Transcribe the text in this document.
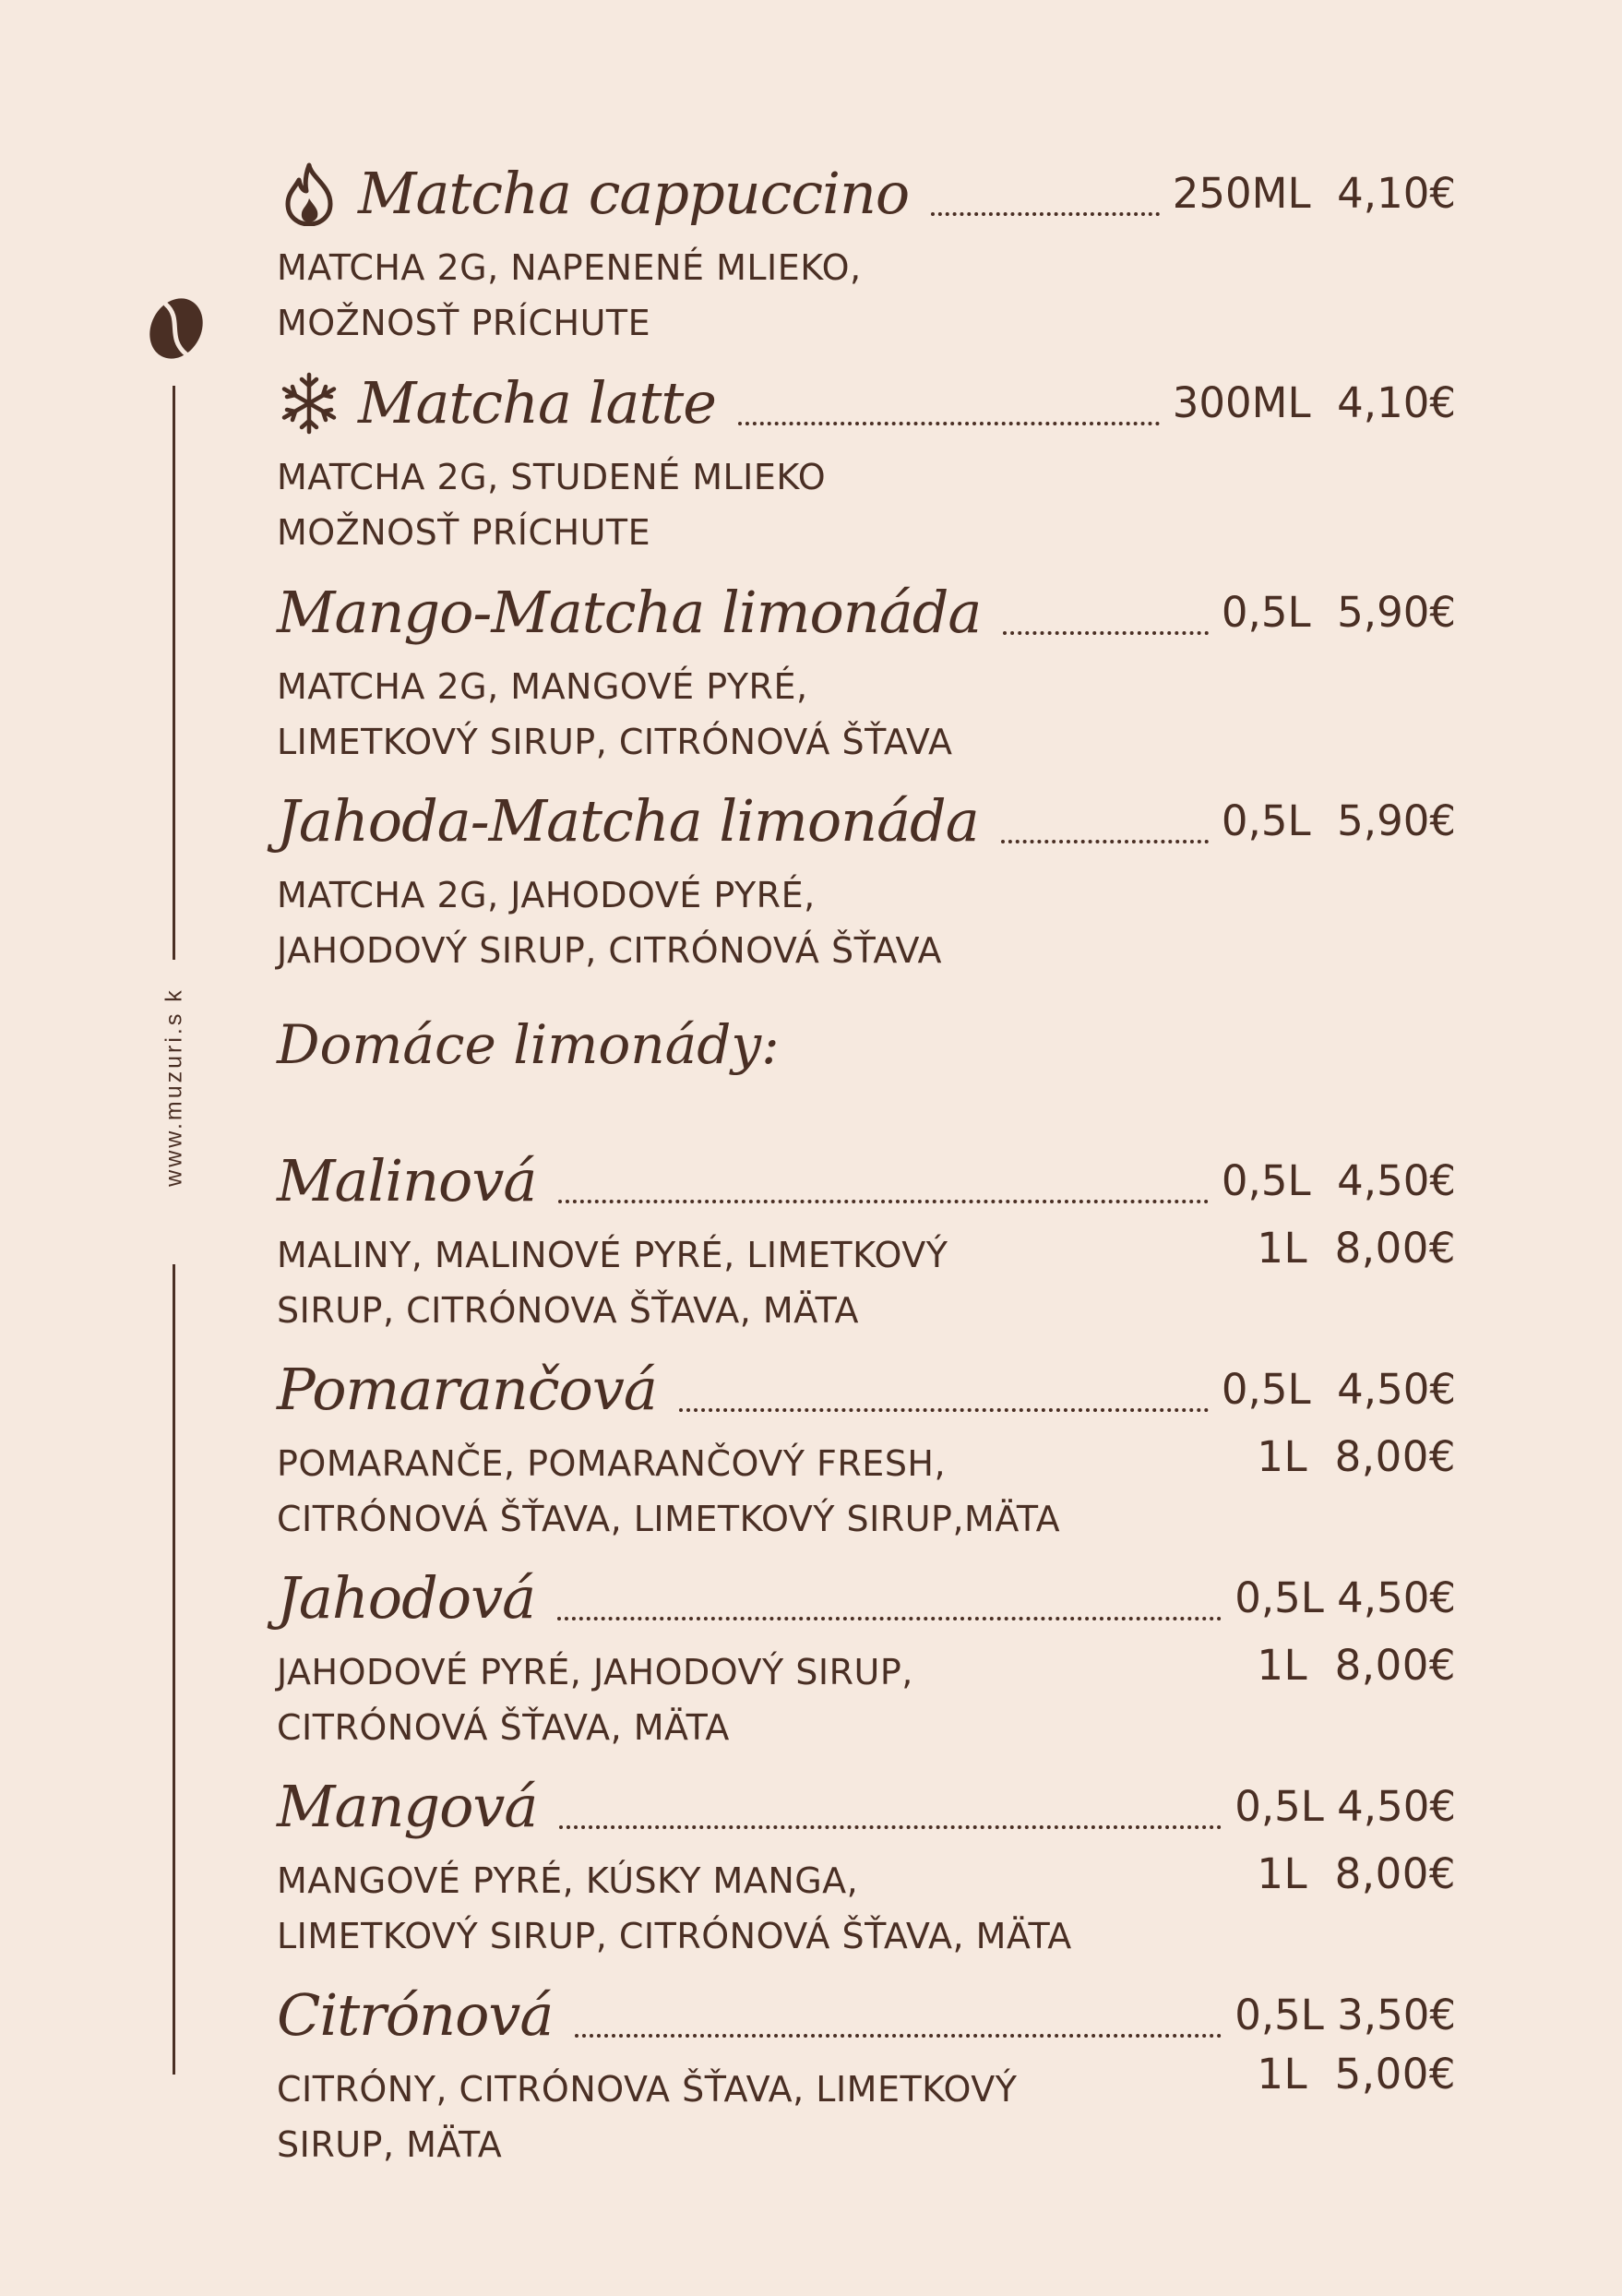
www.muzuri.s k
Matcha cappuccino	250ML 4,10€
MATCHA 2G, NAPENENÉ MLIEKO,
MOŽNOSŤ PRÍCHUTE
Matcha latte	300ML 4,10€
MATCHA 2G, STUDENÉ MLIEKO
MOŽNOSŤ PRÍCHUTE
Mango-Matcha limonáda	0,5L 5,90€
MATCHA 2G, MANGOVÉ PYRÉ,
LIMETKOVÝ SIRUP, CITRÓNOVÁ ŠŤAVA
Jahoda-Matcha limonáda	0,5L 5,90€
MATCHA 2G, JAHODOVÉ PYRÉ,
JAHODOVÝ SIRUP, CITRÓNOVÁ ŠŤAVA
Domáce limonády:
Malinová	0,5L 4,50€
MALINY, MALINOVÉ PYRÉ, LIMETKOVÝ
SIRUP, CITRÓNOVA ŠŤAVA, MÄTA
1L 8,00€
Pomarančová	0,5L 4,50€
POMARANČE, POMARANČOVÝ FRESH,
CITRÓNOVÁ ŠŤAVA, LIMETKOVÝ SIRUP,MÄTA
1L 8,00€
Jahodová	0,5L 4,50€
JAHODOVÉ PYRÉ, JAHODOVÝ SIRUP,
CITRÓNOVÁ ŠŤAVA, MÄTA
1L 8,00€
Mangová	0,5L 4,50€
MANGOVÉ PYRÉ, KÚSKY MANGA,
LIMETKOVÝ SIRUP, CITRÓNOVÁ ŠŤAVA, MÄTA
1L 8,00€
Citrónová	0,5L 3,50€
CITRÓNY, CITRÓNOVA ŠŤAVA, LIMETKOVÝ
SIRUP, MÄTA
1L 5,00€
